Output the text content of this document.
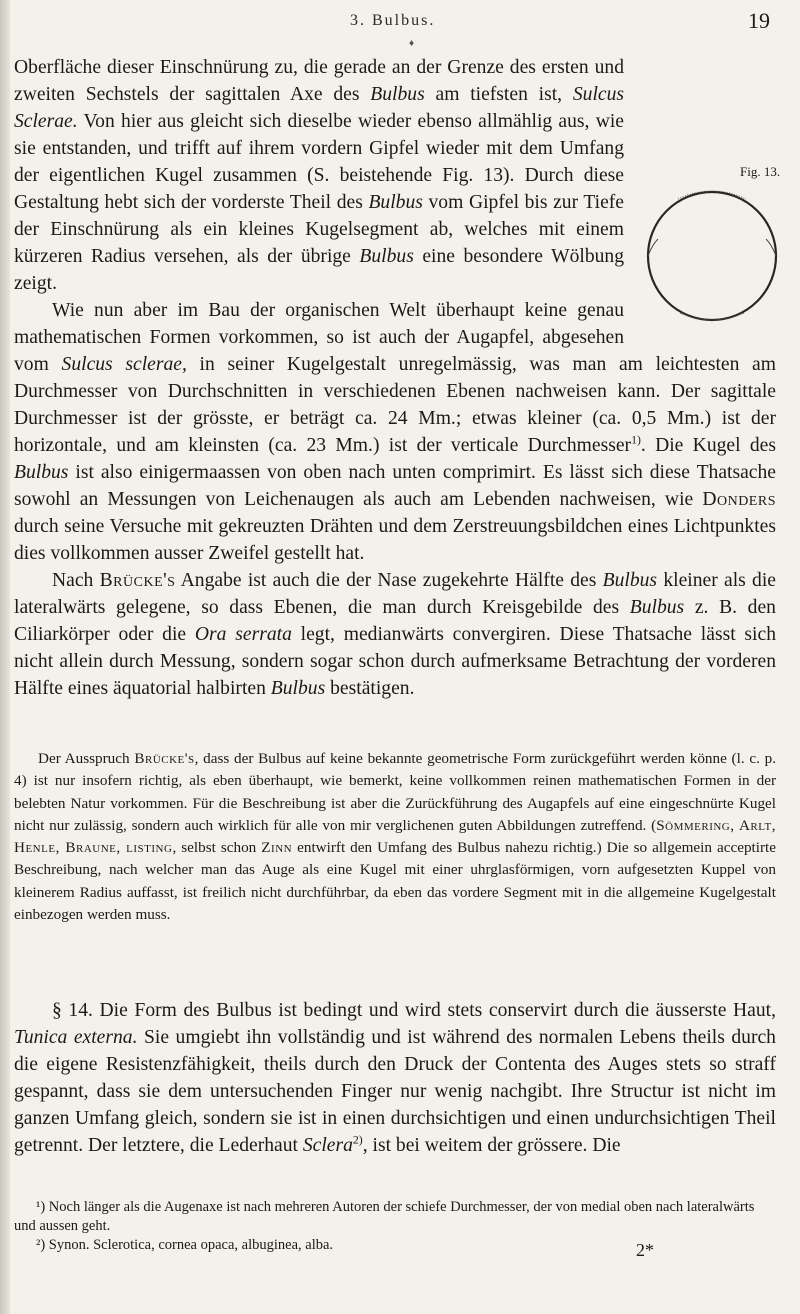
3. Bulbus.	19
♦
Fig. 13.

Oberfläche dieser Einschnürung zu, die gerade an der Grenze des ersten und zweiten Sechstels der sagittalen Axe des Bulbus am tiefsten ist, Sulcus Sclerae. Von hier aus gleicht sich dieselbe wieder ebenso allmählig aus, wie sie entstanden, und trifft auf ihrem vordern Gipfel wieder mit dem Umfang der eigentlichen Kugel zusammen (S. beistehende Fig. 13). Durch diese Gestaltung hebt sich der vorderste Theil des Bulbus vom Gipfel bis zur Tiefe der Einschnürung als ein kleines Kugelsegment ab, welches mit einem kürzeren Radius versehen, als der übrige Bulbus eine besondere Wölbung zeigt.

Wie nun aber im Bau der organischen Welt überhaupt keine genau mathematischen Formen vorkommen, so ist auch der Augapfel, abgesehen vom Sulcus sclerae, in seiner Kugelgestalt unregelmässig, was man am leichtesten am Durchmesser von Durchschnitten in verschiedenen Ebenen nachweisen kann. Der sagittale Durchmesser ist der grösste, er beträgt ca. 24 Mm.; etwas kleiner (ca. 0,5 Mm.) ist der horizontale, und am kleinsten (ca. 23 Mm.) ist der verticale Durchmesser$^{1)}$. Die Kugel des Bulbus ist also einigermaassen von oben nach unten comprimirt. Es lässt sich diese Thatsache sowohl an Messungen von Leichenaugen als auch am Lebenden nachweisen, wie Donders durch seine Versuche mit gekreuzten Drähten und dem Zerstreuungsbildchen eines Lichtpunktes dies vollkommen ausser Zweifel gestellt hat.

Nach Brücke's Angabe ist auch die der Nase zugekehrte Hälfte des Bulbus kleiner als die lateralwärts gelegene, so dass Ebenen, die man durch Kreisgebilde des Bulbus z. B. den Ciliarkörper oder die Ora serrata legt, medianwärts convergiren. Diese Thatsache lässt sich nicht allein durch Messung, sondern sogar schon durch aufmerksame Betrachtung der vorderen Hälfte eines äquatorial halbirten Bulbus bestätigen.

Der Ausspruch Brücke's, dass der Bulbus auf keine bekannte geometrische Form zurückgeführt werden könne (l. c. p. 4) ist nur insofern richtig, als eben überhaupt, wie bemerkt, keine vollkommen reinen mathematischen Formen in der belebten Natur vorkommen. Für die Beschreibung ist aber die Zurückführung des Augapfels auf eine eingeschnürte Kugel nicht nur zulässig, sondern auch wirklich für alle von mir verglichenen guten Abbildungen zutreffend. (Sömmering, Arlt, Henle, Braune, listing, selbst schon Zinn entwirft den Umfang des Bulbus nahezu richtig.) Die so allgemein acceptirte Beschreibung, nach welcher man das Auge als eine Kugel mit einer uhrglasförmigen, vorn aufgesetzten Kuppel von kleinerem Radius auffasst, ist freilich nicht durchführbar, da eben das vordere Segment mit in die allgemeine Kugelgestalt einbezogen werden muss.

§ 14. Die Form des Bulbus ist bedingt und wird stets conservirt durch die äusserste Haut, Tunica externa. Sie umgiebt ihn vollständig und ist während des normalen Lebens theils durch die eigene Resistenzfähigkeit, theils durch den Druck der Contenta des Auges stets so straff gespannt, dass sie dem untersuchenden Finger nur wenig nachgibt. Ihre Structur ist nicht im ganzen Umfang gleich, sondern sie ist in einen durchsichtigen und einen undurchsichtigen Theil getrennt. Der letztere, die Lederhaut Sclera$^{2)}$, ist bei weitem der grössere. Die

¹) Noch länger als die Augenaxe ist nach mehreren Autoren der schiefe Durchmesser, der von medial oben nach lateralwärts und aussen geht.

²) Synon. Sclerotica, cornea opaca, albuginea, alba.	2*
